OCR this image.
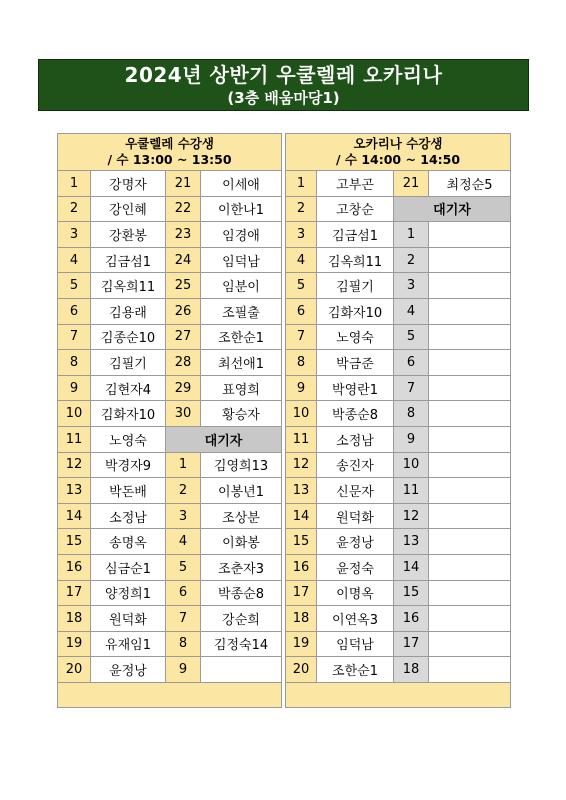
2024년 상반기 우쿨렐레 오카리나
(3층 배움마당1)
우쿨렐레 수강생
/ 수 13:00 ~ 13:50			

1	강명자	21	이세애
2	강인혜	22	이한나1
3	강환봉	23	임경애
4	김금섬1	24	임덕남
5	김옥희11	25	임분이
6	김용래	26	조필출
7	김종순10	27	조한순1
8	김필기	28	최선애1
9	김현자4	29	표영희
10	김화자10	30	황승자
11	노영숙	대기자	
12	박경자9	1	김영희13
13	박돈배	2	이봉년1
14	소정남	3	조상분
15	송명옥	4	이화봉
16	심금순1	5	조춘자3
17	양정희1	6	박종순8
18	원덕화	7	강순희
19	유재임1	8	김정숙14
20	윤정낭	9	

오카리나 수강생
/ 수 14:00 ~ 14:50			

1	고부곤	21	최정순5
2	고창순	대기자	
3	김금섬1	1	
4	김옥희11	2	
5	김필기	3	
6	김화자10	4	
7	노영숙	5	
8	박금준	6	
9	박영란1	7	
10	박종순8	8	
11	소정남	9	
12	송진자	10	
13	신문자	11	
14	원덕화	12	
15	윤정낭	13	
16	윤정숙	14	
17	이명옥	15	
18	이연옥3	16	
19	임덕남	17	
20	조한순1	18	
